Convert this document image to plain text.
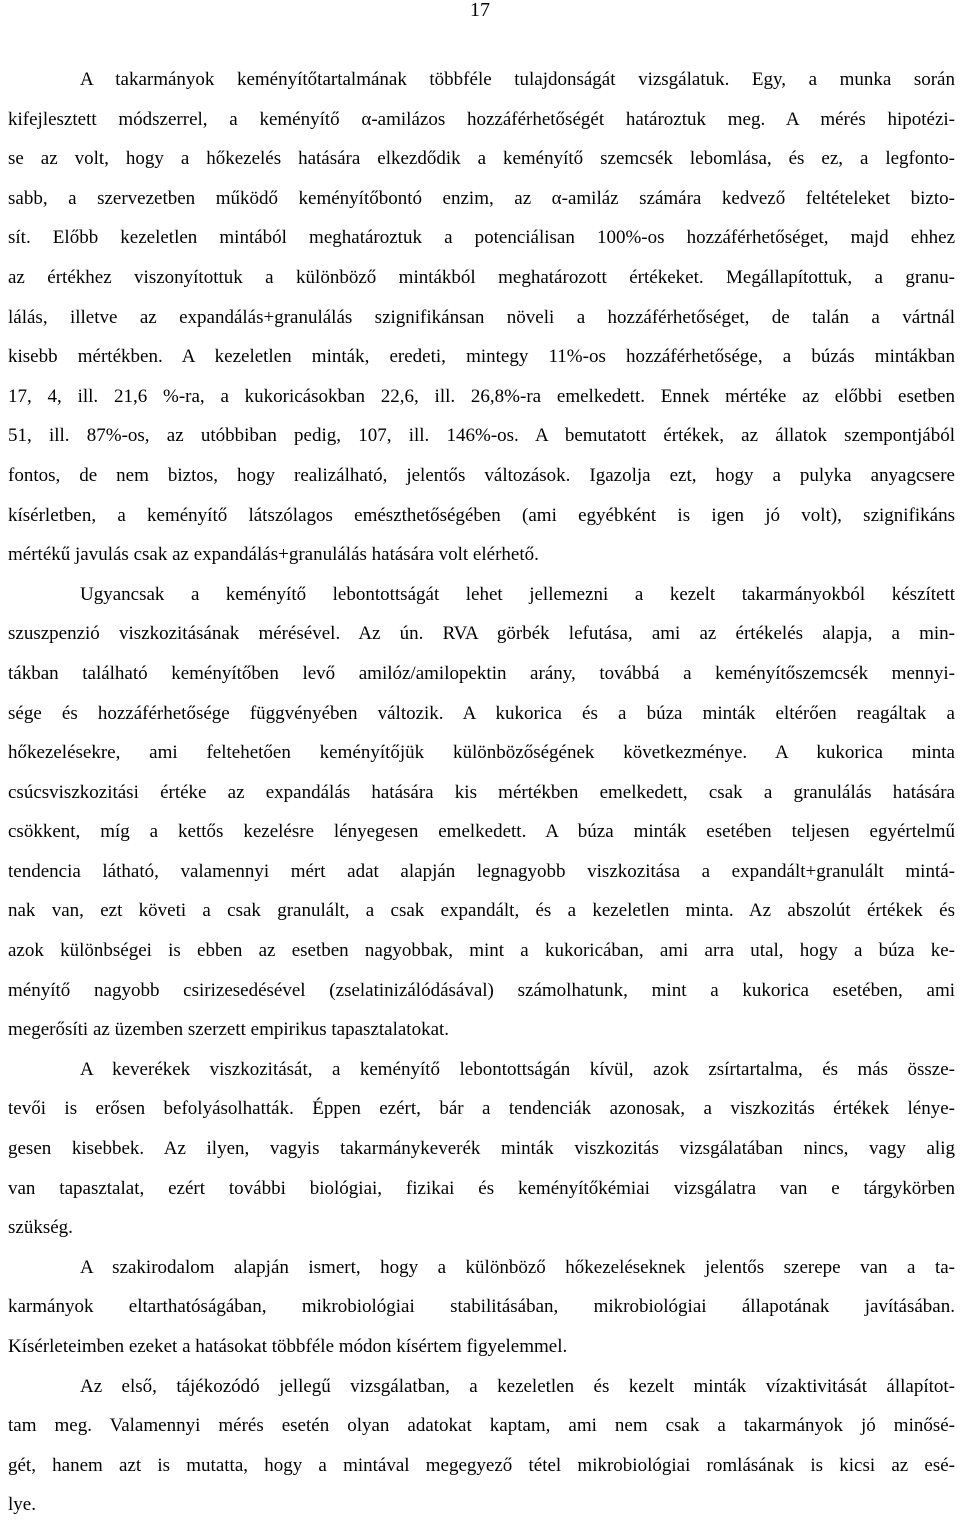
17
A takarmányok keményítőtartalmának többféle tulajdonságát vizsgálatuk. Egy, a munka során
kifejlesztett módszerrel, a keményítő α-amilázos hozzáférhetőségét határoztuk meg. A mérés hipotézi-
se az volt, hogy a hőkezelés hatására elkezdődik a keményítő szemcsék lebomlása, és ez, a legfonto-
sabb, a szervezetben működő keményítőbontó enzim, az α-amiláz számára kedvező feltételeket bizto-
sít. Előbb kezeletlen mintából meghatároztuk a potenciálisan 100%-os hozzáférhetőséget, majd ehhez
az értékhez viszonyítottuk a különböző mintákból meghatározott értékeket. Megállapítottuk, a granu-
lálás, illetve az expandálás+granulálás szignifikánsan növeli a hozzáférhetőséget, de talán a vártnál
kisebb mértékben. A kezeletlen minták, eredeti, mintegy 11%-os hozzáférhetősége, a búzás mintákban
17, 4, ill. 21,6 %-ra, a kukoricásokban 22,6, ill. 26,8%-ra emelkedett. Ennek mértéke az előbbi esetben
51, ill. 87%-os, az utóbbiban pedig, 107, ill. 146%-os. A bemutatott értékek, az állatok szempontjából
fontos, de nem biztos, hogy realizálható, jelentős változások. Igazolja ezt, hogy a pulyka anyagcsere
kísérletben, a keményítő látszólagos emészthetőségében (ami egyébként is igen jó volt), szignifikáns
mértékű javulás csak az expandálás+granulálás hatására volt elérhető.
Ugyancsak a keményítő lebontottságát lehet jellemezni a kezelt takarmányokból készített
szuszpenzió viszkozitásának mérésével. Az ún. RVA görbék lefutása, ami az értékelés alapja, a min-
tákban található keményítőben levő amilóz/amilopektin arány, továbbá a keményítőszemcsék mennyi-
sége és hozzáférhetősége függvényében változik. A kukorica és a búza minták eltérően reagáltak a
hőkezelésekre, ami feltehetően keményítőjük különbözőségének következménye. A kukorica minta
csúcsviszkozitási értéke az expandálás hatására kis mértékben emelkedett, csak a granulálás hatására
csökkent, míg a kettős kezelésre lényegesen emelkedett. A búza minták esetében teljesen egyértelmű
tendencia látható, valamennyi mért adat alapján legnagyobb viszkozitása a expandált+granulált mintá-
nak van, ezt követi a csak granulált, a csak expandált, és a kezeletlen minta. Az abszolút értékek és
azok különbségei is ebben az esetben nagyobbak, mint a kukoricában, ami arra utal, hogy a búza ke-
ményítő nagyobb csirizesedésével (zselatinizálódásával) számolhatunk, mint a kukorica esetében, ami
megerősíti az üzemben szerzett empirikus tapasztalatokat.
A keverékek viszkozitását, a keményítő lebontottságán kívül, azok zsírtartalma, és más össze-
tevői is erősen befolyásolhatták. Éppen ezért, bár a tendenciák azonosak, a viszkozitás értékek lénye-
gesen kisebbek. Az ilyen, vagyis takarmánykeverék minták viszkozitás vizsgálatában nincs, vagy alig
van tapasztalat, ezért további biológiai, fizikai és keményítőkémiai vizsgálatra van e tárgykörben
szükség.
A szakirodalom alapján ismert, hogy a különböző hőkezeléseknek jelentős szerepe van a ta-
karmányok eltarthatóságában, mikrobiológiai stabilitásában, mikrobiológiai állapotának javításában.
Kísérleteimben ezeket a hatásokat többféle módon kísértem figyelemmel.
Az első, tájékozódó jellegű vizsgálatban, a kezeletlen és kezelt minták vízaktivitását állapítot-
tam meg. Valamennyi mérés esetén olyan adatokat kaptam, ami nem csak a takarmányok jó minősé-
gét, hanem azt is mutatta, hogy a mintával megegyező tétel mikrobiológiai romlásának is kicsi az esé-
lye.
